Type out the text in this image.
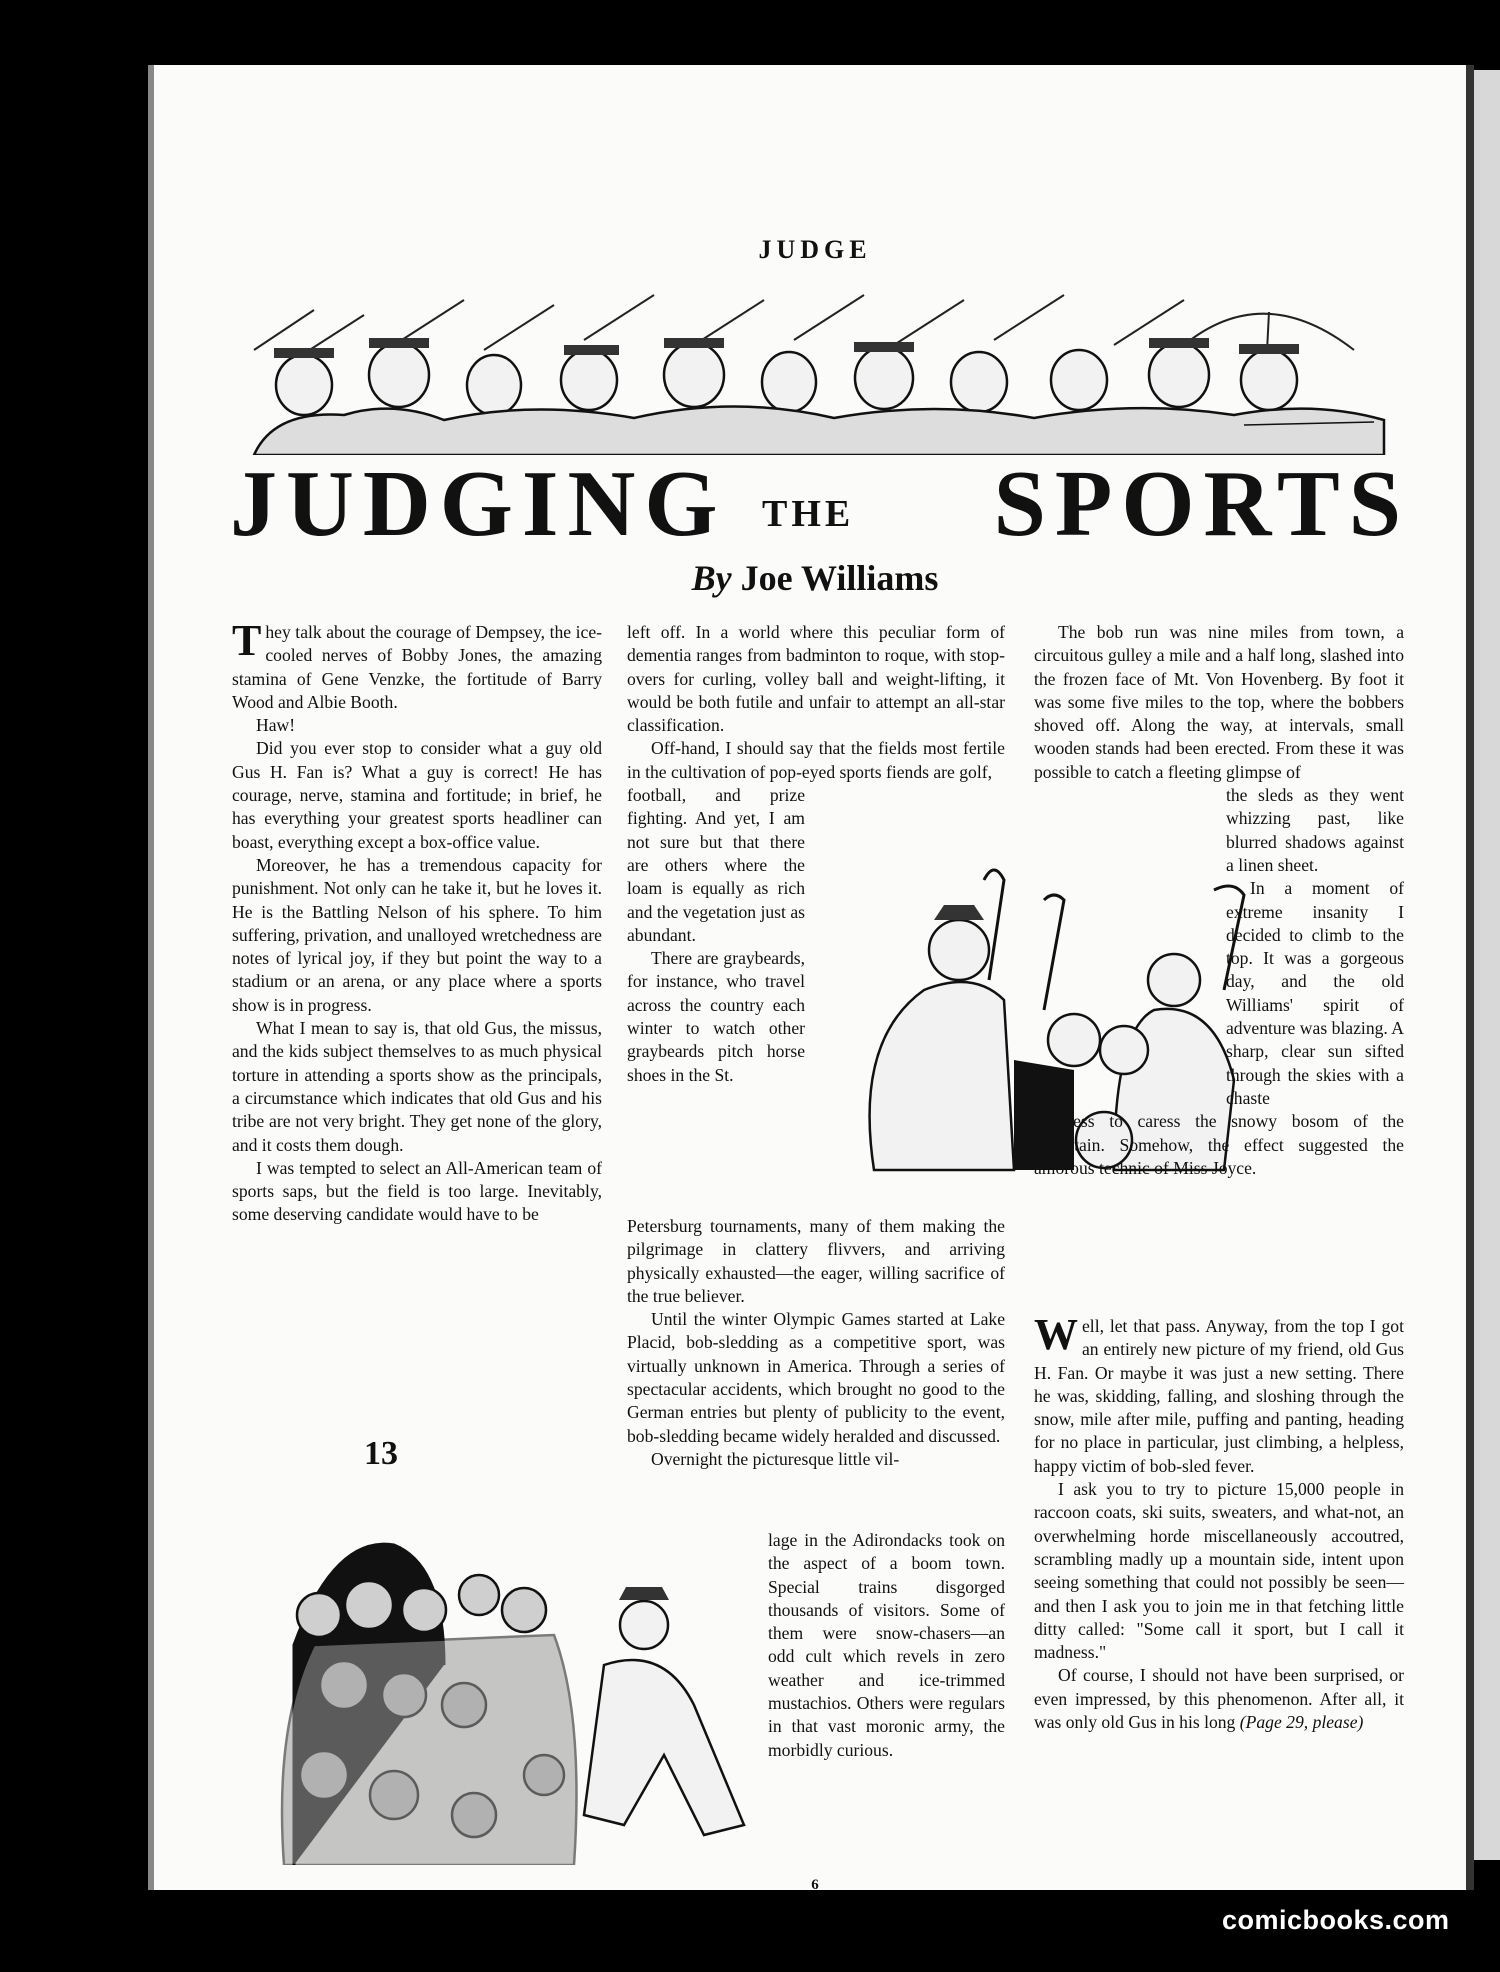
JUDGE
JUDGING THE SPORTS
By Joe Williams

They talk about the courage of Dempsey, the ice-cooled nerves of Bobby Jones, the amazing stamina of Gene Venzke, the fortitude of Barry Wood and Albie Booth.

Haw!

Did you ever stop to consider what a guy old Gus H. Fan is? What a guy is correct! He has courage, nerve, stamina and fortitude; in brief, he has everything your greatest sports headliner can boast, everything except a box-office value.

Moreover, he has a tremendous capacity for punishment. Not only can he take it, but he loves it. He is the Battling Nelson of his sphere. To him suffering, privation, and unalloyed wretchedness are notes of lyrical joy, if they but point the way to a stadium or an arena, or any place where a sports show is in progress.

What I mean to say is, that old Gus, the missus, and the kids subject themselves to as much physical torture in attending a sports show as the principals, a circumstance which indicates that old Gus and his tribe are not very bright. They get none of the glory, and it costs them dough.

I was tempted to select an All-American team of sports saps, but the field is too large. Inevitably, some deserving candidate would have to be

left off. In a world where this peculiar form of dementia ranges from badminton to roque, with stop-overs for curling, volley ball and weight-lifting, it would be both futile and unfair to attempt an all-star classification.

Off-hand, I should say that the fields most fertile in the cultivation of pop-eyed sports fiends are golf,

football, and prize fighting. And yet, I am not sure but that there are others where the loam is equally as rich and the vegetation just as abundant.

There are graybeards, for instance, who travel across the country each winter to watch other graybeards pitch horse shoes in the St.

Petersburg tournaments, many of them making the pilgrimage in clattery flivvers, and arriving physically exhausted—the eager, willing sacrifice of the true believer.

Until the winter Olympic Games started at Lake Placid, bob-sledding as a competitive sport, was virtually unknown in America. Through a series of spectacular accidents, which brought no good to the German entries but plenty of publicity to the event, bob-sledding became widely heralded and discussed.

Overnight the picturesque little vil-

lage in the Adirondacks took on the aspect of a boom town. Special trains disgorged thousands of visitors. Some of them were snow-chasers—an odd cult which revels in zero weather and ice-trimmed mustachios. Others were regulars in that vast moronic army, the morbidly curious.

The bob run was nine miles from town, a circuitous gulley a mile and a half long, slashed into the frozen face of Mt. Von Hovenberg. By foot it was some five miles to the top, where the bobbers shoved off. Along the way, at intervals, small wooden stands had been erected. From these it was possible to catch a fleeting glimpse of

the sleds as they went whizzing past, like blurred shadows against a linen sheet.

In a moment of extreme insanity I decided to climb to the top. It was a gorgeous day, and the old Williams' spirit of adventure was blazing. A sharp, clear sun sifted through the skies with a chaste

coldness to caress the snowy bosom of the mountain. Somehow, the effect suggested the amorous technic of Miss Joyce.

Well, let that pass. Anyway, from the top I got an entirely new picture of my friend, old Gus H. Fan. Or maybe it was just a new setting. There he was, skidding, falling, and sloshing through the snow, mile after mile, puffing and panting, heading for no place in particular, just climbing, a helpless, happy victim of bob-sled fever.

I ask you to try to picture 15,000 people in raccoon coats, ski suits, sweaters, and what-not, an overwhelming horde miscellaneously accoutred, scrambling madly up a mountain side, intent upon seeing something that could not possibly be seen—and then I ask you to join me in that fetching little ditty called: "Some call it sport, but I call it madness."

Of course, I should not have been surprised, or even impressed, by this phenomenon. After all, it was only old Gus in his long (Page 29, please)

13
6
comicbooks.com
